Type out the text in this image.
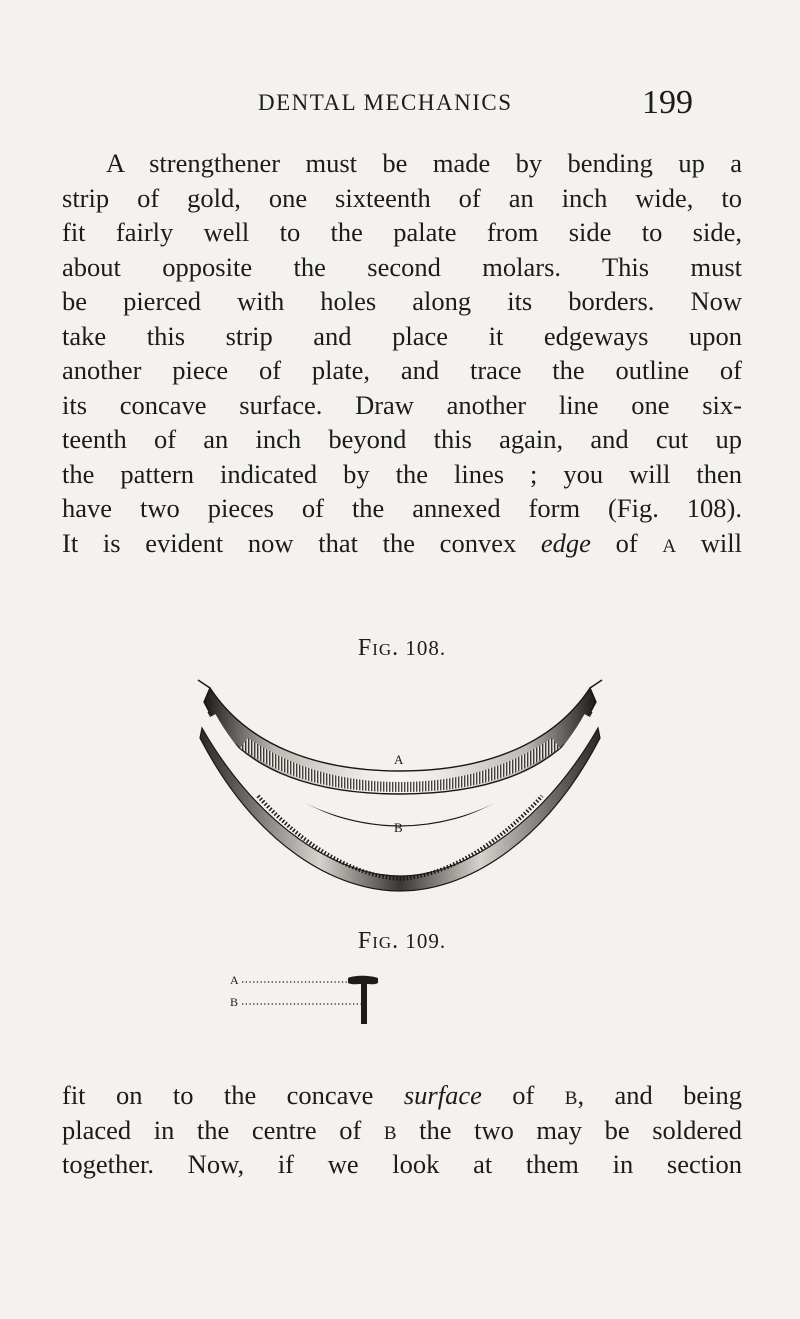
DENTAL MECHANICS	199
A strengthener must be made by bending up a
strip of gold, one sixteenth of an inch wide, to
fit fairly well to the palate from side to side,
about opposite the second molars. This must
be pierced with holes along its borders. Now
take this strip and place it edgeways upon
another piece of plate, and trace the outline of
its concave surface. Draw another line one six-
teenth of an inch beyond this again, and cut up
the pattern indicated by the lines ; you will then
have two pieces of the annexed form (Fig. 108).
It is evident now that the convex edge of a will
Fig. 108.
A
B
Fig. 109.
A
B
fit on to the concave surface of b, and being
placed in the centre of b the two may be soldered
together. Now, if we look at them in section
